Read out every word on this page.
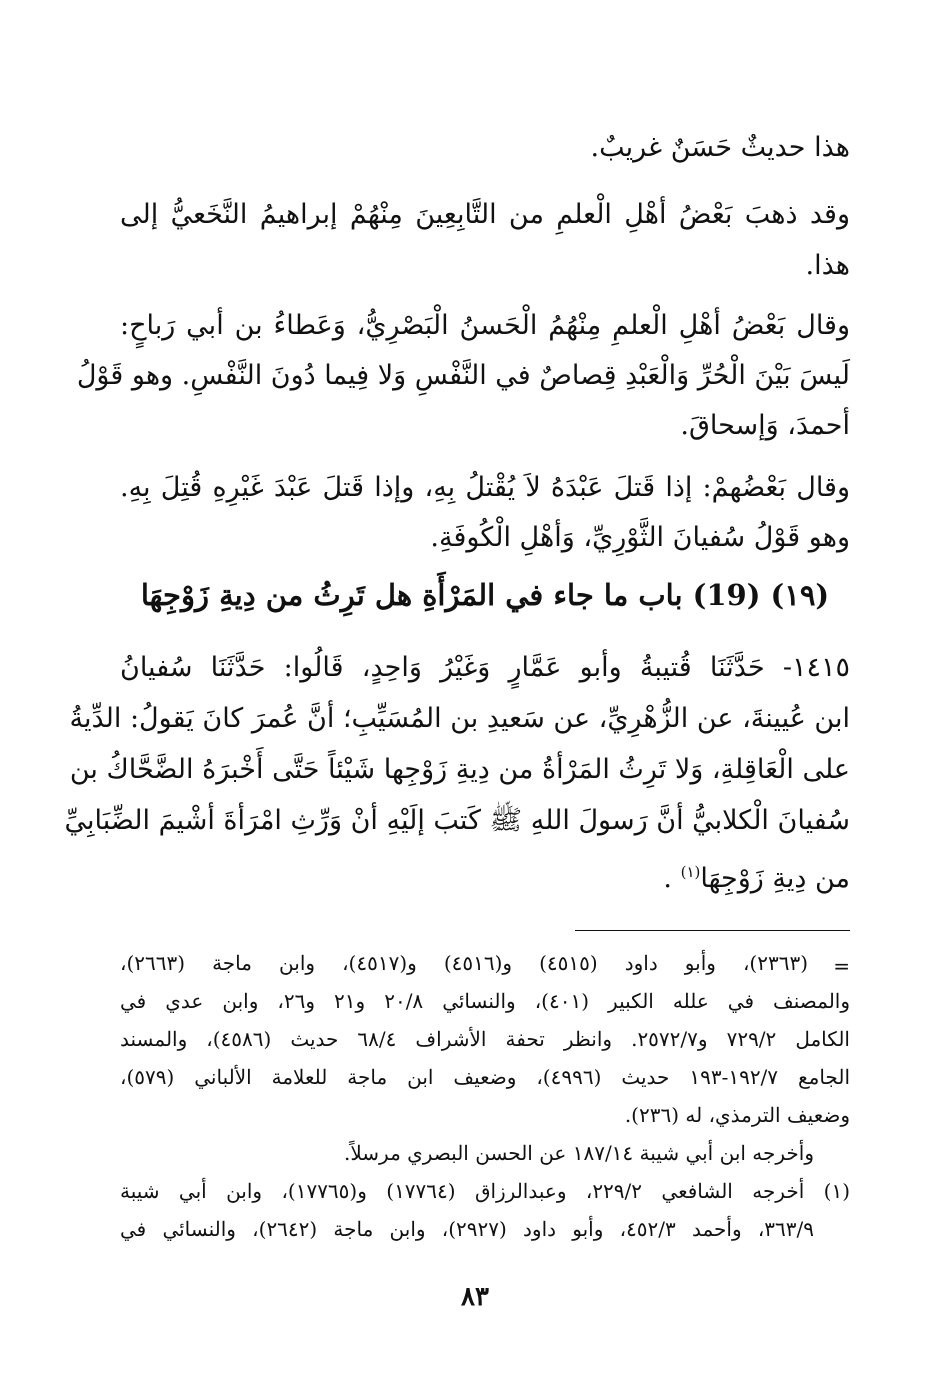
هذا حديثٌ حَسَنٌ غريبٌ.
وقد ذهبَ بَعْضُ أهْلِ الْعلمِ من التَّابِعِينَ مِنْهُمْ إبراهيمُ النَّخَعيُّ إلى
هذا.
وقال بَعْضُ أهْلِ الْعلمِ مِنْهُمُ الْحَسنُ الْبَصْرِيُّ، وَعَطاءُ بن أبي رَباحٍ:
لَيسَ بَيْنَ الْحُرِّ وَالْعَبْدِ قِصاصٌ في النَّفْسِ وَلا فِيما دُونَ النَّفْسِ. وهو قَوْلُ
أحمدَ، وَإسحاقَ.
وقال بَعْضُهمْ: إذا قَتلَ عَبْدَهُ لاَ يُقْتلُ بِهِ، وإذا قَتلَ عَبْدَ غَيْرِهِ قُتِلَ بِهِ.
وهو قَوْلُ سُفيانَ الثَّوْرِيِّ، وَأهْلِ الْكُوفَةِ.
(١٩) (19) باب ما جاء في المَرْأَةِ هل تَرِثُ من دِيةِ زَوْجِهَا
١٤١٥- حَدَّثَنَا قُتيبةُ وأبو عَمَّارٍ وَغَيْرُ وَاحِدٍ، قَالُوا: حَدَّثَنَا سُفيانُ
ابن عُيينةَ، عن الزُّهْرِيِّ، عن سَعيدِ بن المُسَيِّبِ؛ أنَّ عُمرَ كانَ يَقولُ: الدِّيةُ
على الْعَاقِلةِ، وَلا تَرِثُ المَرْأةُ من دِيةِ زَوْجِها شَيْئاً حَتَّى أَخْبرَهُ الضَّحَّاكُ بن
سُفيانَ الْكلابيُّ أنَّ رَسولَ اللهِ ﷺ كَتبَ إلَيْهِ أنْ وَرِّثِ امْرَأةَ أشْيمَ الضِّبَابِيِّ
من دِيةِ زَوْجِهَا$^{(١)}$ .
=
(٢٣٦٣)، وأبو داود (٤٥١٥) و(٤٥١٦) و(٤٥١٧)، وابن ماجة (٢٦٦٣)،
والمصنف في علله الكبير (٤٠١)، والنسائي ٢٠/٨ و٢١ و٢٦، وابن عدي في
الكامل ٧٢٩/٢ و٢٥٧٢/٧. وانظر تحفة الأشراف ٦٨/٤ حديث (٤٥٨٦)، والمسند
الجامع ١٩٢/٧-١٩٣ حديث (٤٩٩٦)، وضعيف ابن ماجة للعلامة الألباني (٥٧٩)،
وضعيف الترمذي، له (٢٣٦).
وأخرجه ابن أبي شيبة ١٨٧/١٤ عن الحسن البصري مرسلاً.
(١) أخرجه الشافعي ٢٢٩/٢، وعبدالرزاق (١٧٧٦٤) و(١٧٧٦٥)، وابن أبي شيبة
٣٦٣/٩، وأحمد ٤٥٢/٣، وأبو داود (٢٩٢٧)، وابن ماجة (٢٦٤٢)، والنسائي في
٨٣
